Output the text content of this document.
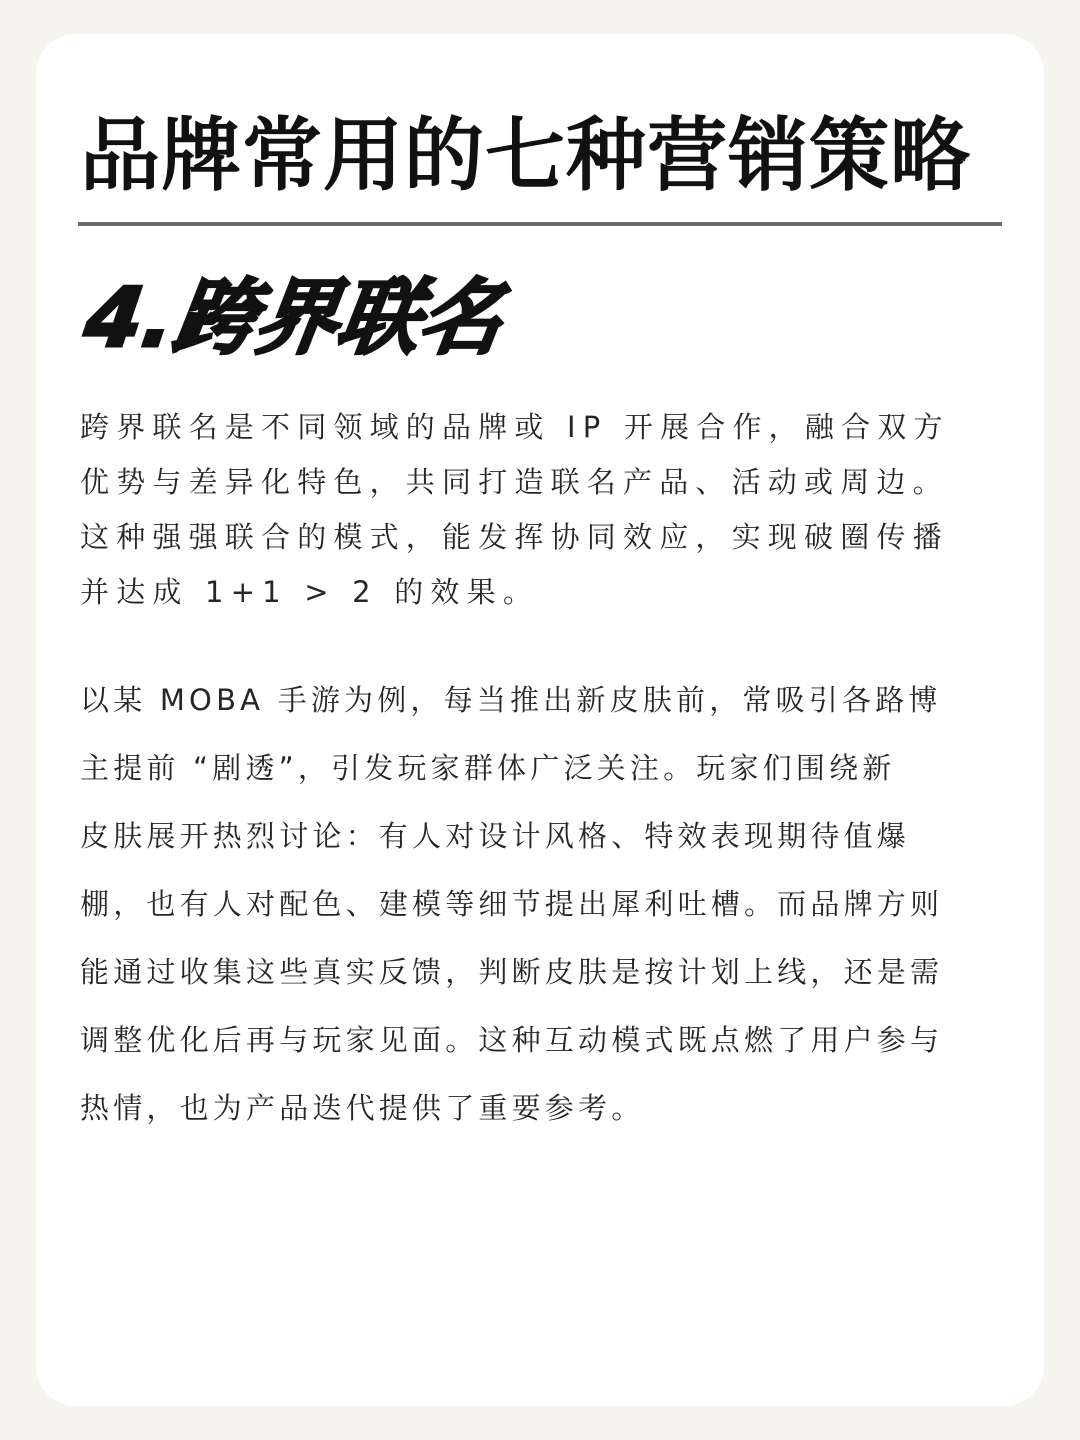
品牌常用的七种营销策略
4.跨界联名

跨界联名是不同领域的品牌或 IP 开展合作，融合双方
优势与差异化特色，共同打造联名产品、活动或周边。
这种强强联合的模式，能发挥协同效应，实现破圈传播
并达成 1+1 > 2 的效果。

以某 MOBA 手游为例，每当推出新皮肤前，常吸引各路博
主提前 “剧透”，引发玩家群体广泛关注。玩家们围绕新
皮肤展开热烈讨论：有人对设计风格、特效表现期待值爆
棚，也有人对配色、建模等细节提出犀利吐槽。而品牌方则
能通过收集这些真实反馈，判断皮肤是按计划上线，还是需
调整优化后再与玩家见面。这种互动模式既点燃了用户参与
热情，也为产品迭代提供了重要参考。
